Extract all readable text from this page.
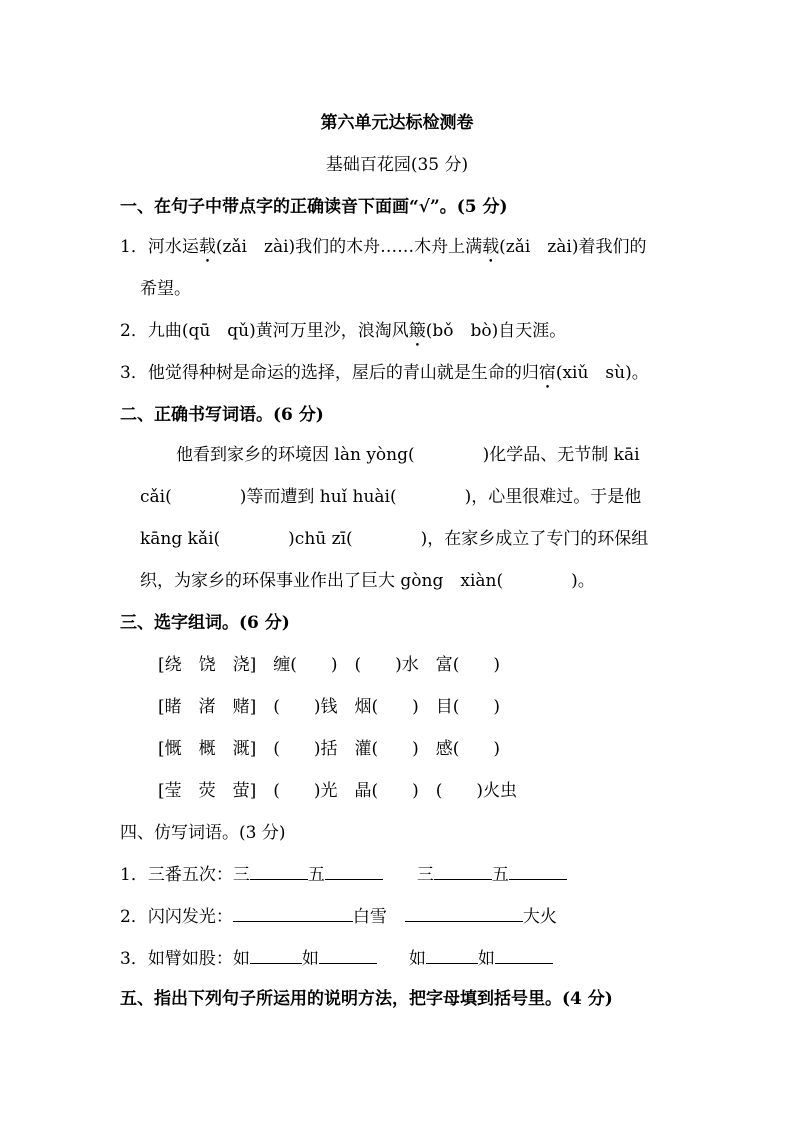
第六单元达标检测卷
基础百花园(35 分)
一、在句子中带点字的正确读音下面画“√”。(5 分)
1．河水运载(zǎi　zài)我们的木舟……木舟上满载(zǎi　zài)着我们的
希望。
2．九曲(qū　qǔ)黄河万里沙，浪淘风簸(bǒ　bò)自天涯。
3．他觉得种树是命运的选择，屋后的青山就是生命的归宿(xiǔ　sù)。
二、正确书写词语。(6 分)
他看到家乡的环境因 làn yòng(　　　　)化学品、无节制 kāi
cǎi(　　　　)等而遭到 huǐ huài(　　　　)，心里很难过。于是他
kāng kǎi(　　　　)chū zī(　　　　)，在家乡成立了专门的环保组
织，为家乡的环保事业作出了巨大 gòng　xiàn(　　　　)。
三、选字组词。(6 分)
[绕　饶　浇]　缠(　　)　(　　)水　富(　　)
[睹　渚　赌]　(　　)钱　烟(　　)　目(　　)
[慨　概　溉]　(　　)括　灌(　　)　感(　　)
[莹　荧　萤]　(　　)光　晶(　　)　(　　)火虫
四、仿写词语。(3 分)
1．三番五次：三	五	三	五
2．闪闪发光：	白雪	大火
3．如臂如股：如	如	如	如
五、指出下列句子所运用的说明方法，把字母填到括号里。(4 分)
